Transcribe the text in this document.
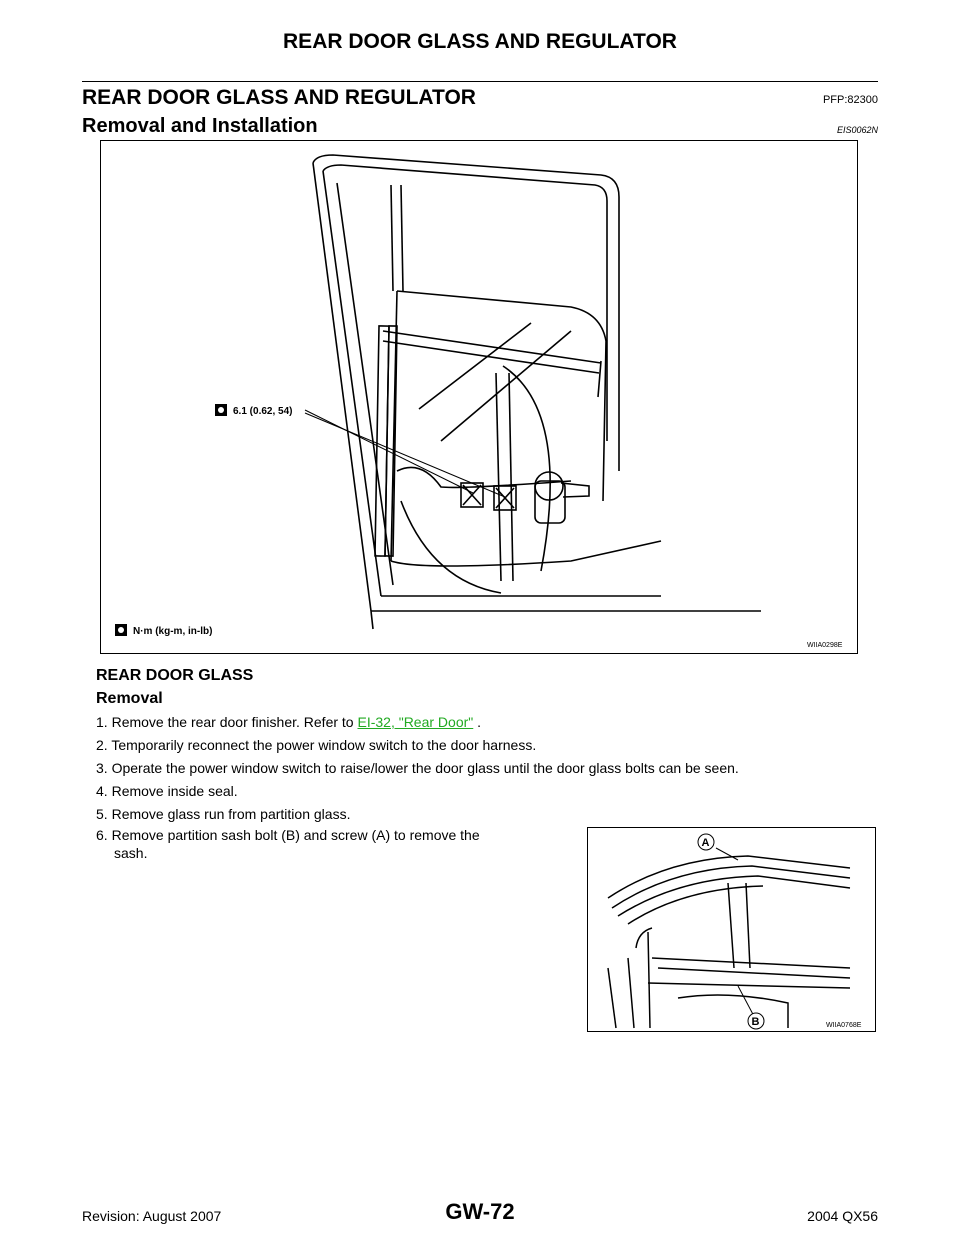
REAR DOOR GLASS AND REGULATOR
REAR DOOR GLASS AND REGULATOR	PFP:82300
Removal and Installation	EIS0062N
6.1 (0.62, 54)
N·m (kg-m, in-lb)
WIIA0298E
REAR DOOR GLASS
Removal
1. Remove the rear door finisher. Refer to EI-32, "Rear Door" .
2. Temporarily reconnect the power window switch to the door harness.
3. Operate the power window switch to raise/lower the door glass until the door glass bolts can be seen.
4. Remove inside seal.
5. Remove glass run from partition glass.
6. Remove partition sash bolt (B) and screw (A) to remove the
sash.
A
B	WIIA0768E
Revision: August 2007	GW-72	2004 QX56
